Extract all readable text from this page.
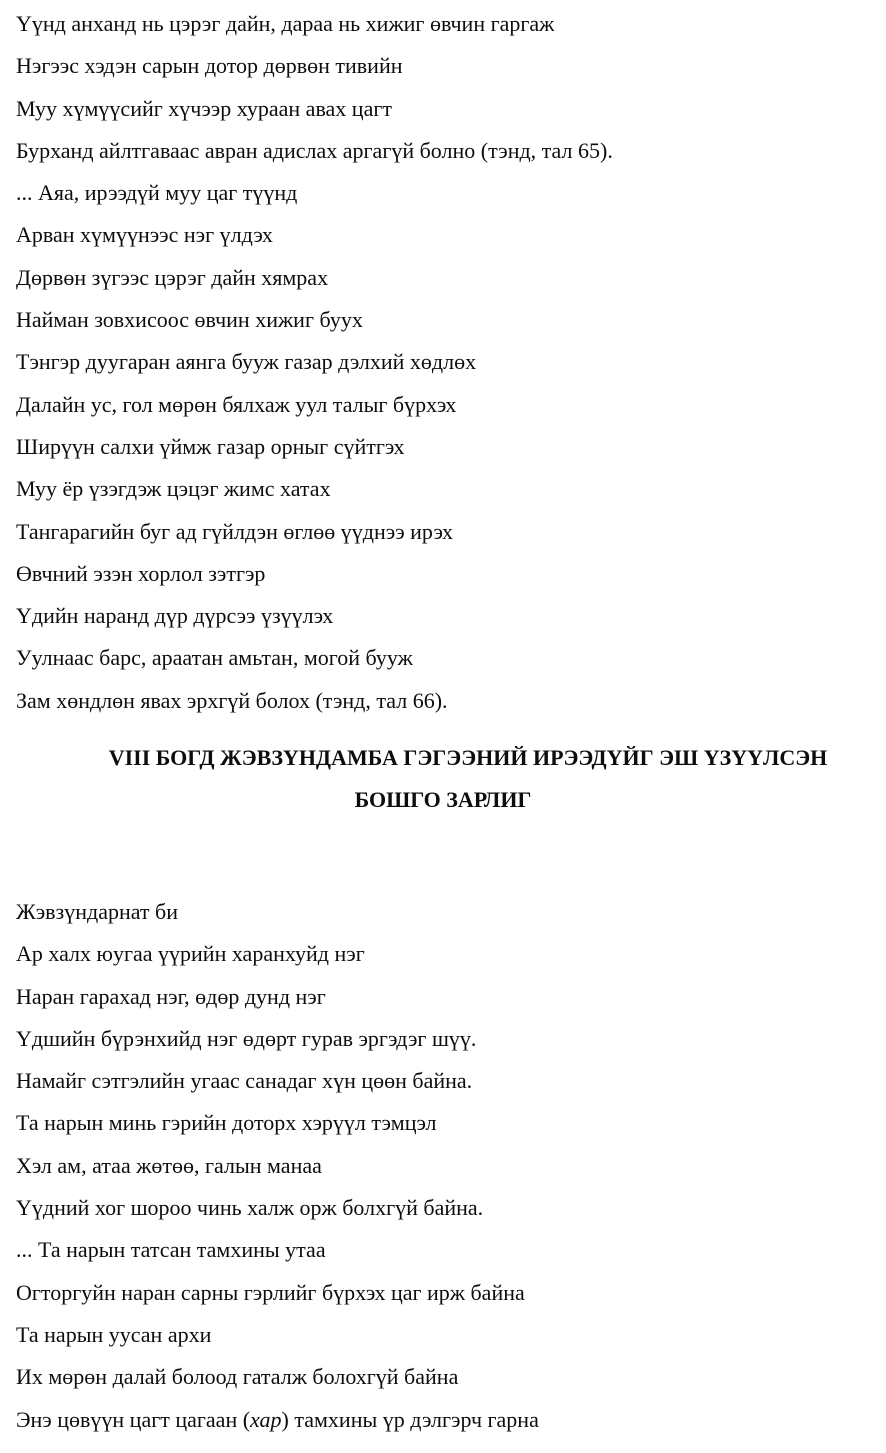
Үүнд анханд нь цэрэг дайн, дараа нь хижиг өвчин гаргаж
Нэгээс хэдэн сарын дотор дөрвөн тивийн
Муу хүмүүсийг хүчээр хураан авах цагт
Бурханд айлтгаваас авран адислах аргагүй болно (тэнд, тал 65).
... Аяа, ирээдүй муу цаг түүнд
Арван хүмүүнээс нэг үлдэх
Дөрвөн зүгээс цэрэг дайн хямрах
Найман зовхисоос өвчин хижиг буух
Тэнгэр дуугаран аянга бууж газар дэлхий хөдлөх
Далайн ус, гол мөрөн бялхаж уул талыг бүрхэх
Ширүүн салхи үймж газар орныг сүйтгэх
Муу ёр үзэгдэж цэцэг жимс хатах
Тангарагийн буг ад гүйлдэн өглөө үүднээ ирэх
Өвчний эзэн хорлол зэтгэр
Үдийн наранд дүр дүрсээ үзүүлэх
Уулнаас барс, араатан амьтан, могой бууж
Зам хөндлөн явах эрхгүй болох (тэнд, тал 66).
VIII БОГД ЖЭВЗҮНДАМБА ГЭГЭЭНИЙ ИРЭЭДҮЙГ ЭШ ҮЗҮҮЛСЭН
БОШГО ЗАРЛИГ
Жэвзүндарнат би
Ар халх юугаа үүрийн харанхуйд нэг
Наран гарахад нэг, өдөр дунд нэг
Үдшийн бүрэнхийд нэг өдөрт гурав эргэдэг шүү.
Намайг сэтгэлийн угаас санадаг хүн цөөн байна.
Та нарын минь гэрийн доторх хэрүүл тэмцэл
Хэл ам, атаа жөтөө, галын манаа
Үүдний хог шороо чинь халж орж болхгүй байна.
... Та нарын татсан тамхины утаа
Огторгуйн наран сарны гэрлийг бүрхэх цаг ирж байна
Та нарын уусан архи
Их мөрөн далай болоод гаталж болохгүй байна
Энэ цөвүүн цагт цагаан (хар) тамхины үр дэлгэрч гарна
